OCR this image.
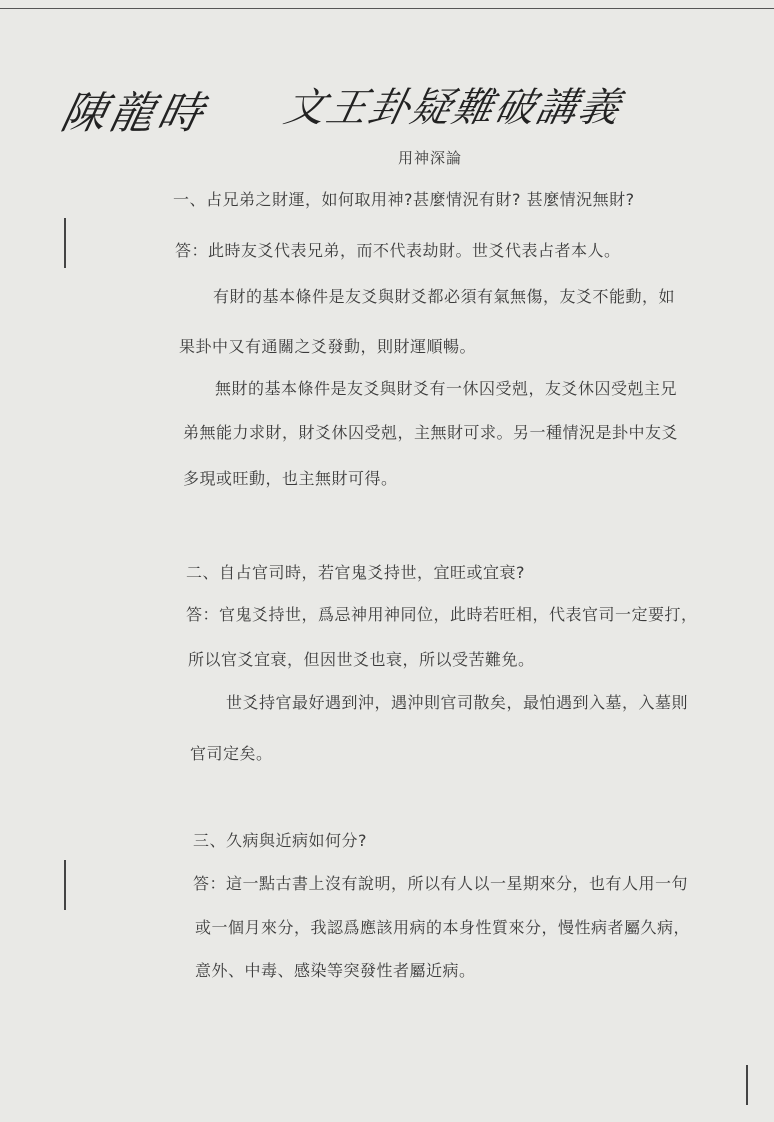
陳龍時 文王卦疑難破講義
用神深論
一、占兄弟之財運，如何取用神?甚麼情況有財? 甚麼情況無財?
答：此時友爻代表兄弟，而不代表劫財。世爻代表占者本人。
有財的基本條件是友爻與財爻都必須有氣無傷，友爻不能動，如
果卦中又有通關之爻發動，則財運順暢。
無財的基本條件是友爻與財爻有一休囚受剋，友爻休囚受剋主兄
弟無能力求財，財爻休囚受剋，主無財可求。另一種情況是卦中友爻
多現或旺動，也主無財可得。
二、自占官司時，若官鬼爻持世，宜旺或宜衰?
答：官鬼爻持世，爲忌神用神同位，此時若旺相，代表官司一定要打，
所以官爻宜衰，但因世爻也衰，所以受苦難免。
世爻持官最好遇到沖，遇沖則官司散矣，最怕遇到入墓，入墓則
官司定矣。
三、久病與近病如何分?
答：這一點古書上沒有說明，所以有人以一星期來分，也有人用一句
或一個月來分，我認爲應該用病的本身性質來分，慢性病者屬久病，
意外、中毒、感染等突發性者屬近病。
